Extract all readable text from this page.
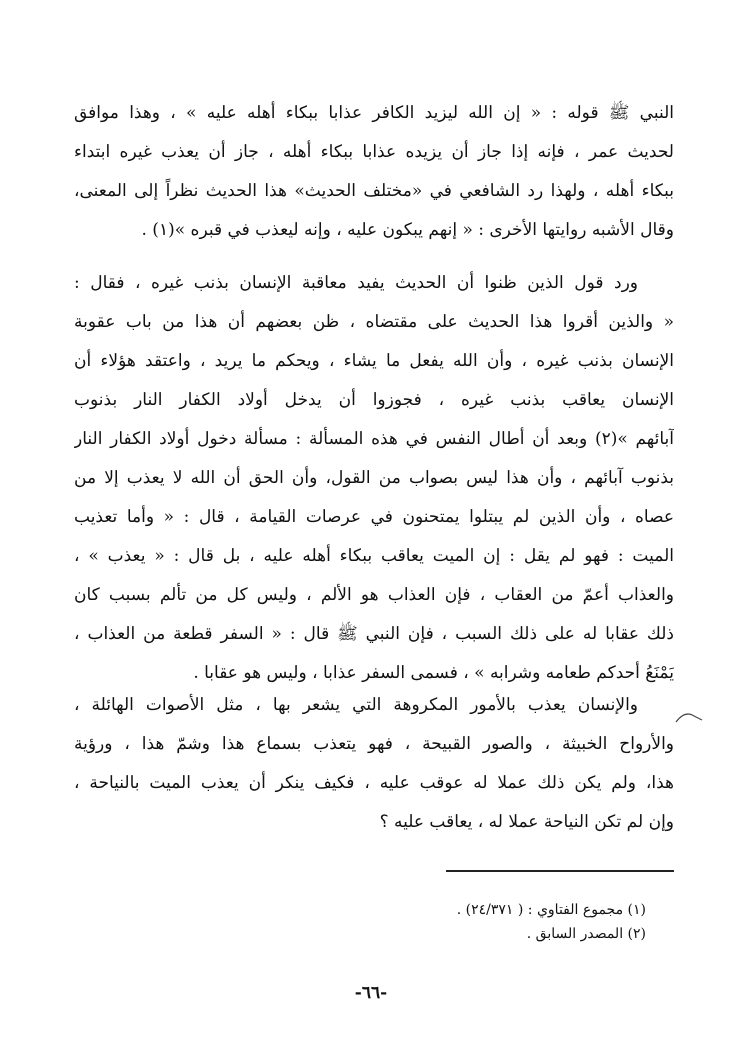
النبي ﷺ قوله : « إن الله ليزيد الكافر عذابا ببكاء أهله عليه » ، وهذا موافق
لحديث عمر ، فإنه إذا جاز أن يزيده عذابا ببكاء أهله ، جاز أن يعذب غيره ابتداء
ببكاء أهله ، ولهذا رد الشافعي في «مختلف الحديث» هذا الحديث نظراً إلى المعنى،
وقال الأشبه روايتها الأخرى : « إنهم يبكون عليه ، وإنه ليعذب في قبره »(١) .
ورد قول الذين ظنوا أن الحديث يفيد معاقبة الإنسان بذنب غيره ، فقال :
« والذين أقروا هذا الحديث على مقتضاه ، ظن بعضهم أن هذا من باب عقوبة
الإنسان بذنب غيره ، وأن الله يفعل ما يشاء ، ويحكم ما يريد ، واعتقد هؤلاء أن
الإنسان يعاقب بذنب غيره ، فجوزوا أن يدخل أولاد الكفار النار بذنوب
آبائهم »(٢) وبعد أن أطال النفس في هذه المسألة : مسألة دخول أولاد الكفار النار
بذنوب آبائهم ، وأن هذا ليس بصواب من القول، وأن الحق أن الله لا يعذب إلا من
عصاه ، وأن الذين لم يبتلوا يمتحنون في عرصات القيامة ، قال : « وأما تعذيب
الميت : فهو لم يقل : إن الميت يعاقب ببكاء أهله عليه ، بل قال : « يعذب » ،
والعذاب أعمّ من العقاب ، فإن العذاب هو الألم ، وليس كل من تألم بسبب كان
ذلك عقابا له على ذلك السبب ، فإن النبي ﷺ قال : « السفر قطعة من العذاب ،
يَمْنَعُ أحدكم طعامه وشرابه » ، فسمى السفر عذابا ، وليس هو عقابا .
والإنسان يعذب بالأمور المكروهة التي يشعر بها ، مثل الأصوات الهائلة ،
والأرواح الخبيثة ، والصور القبيحة ، فهو يتعذب بسماع هذا وشمّ هذا ، ورؤية
هذا، ولم يكن ذلك عملا له عوقب عليه ، فكيف ينكر أن يعذب الميت بالنياحة ،
وإن لم تكن النياحة عملا له ، يعاقب عليه ؟
(١) مجموع الفتاوي : ( ٢٤/٣٧١) .
(٢) المصدر السابق .
-٦٦-
